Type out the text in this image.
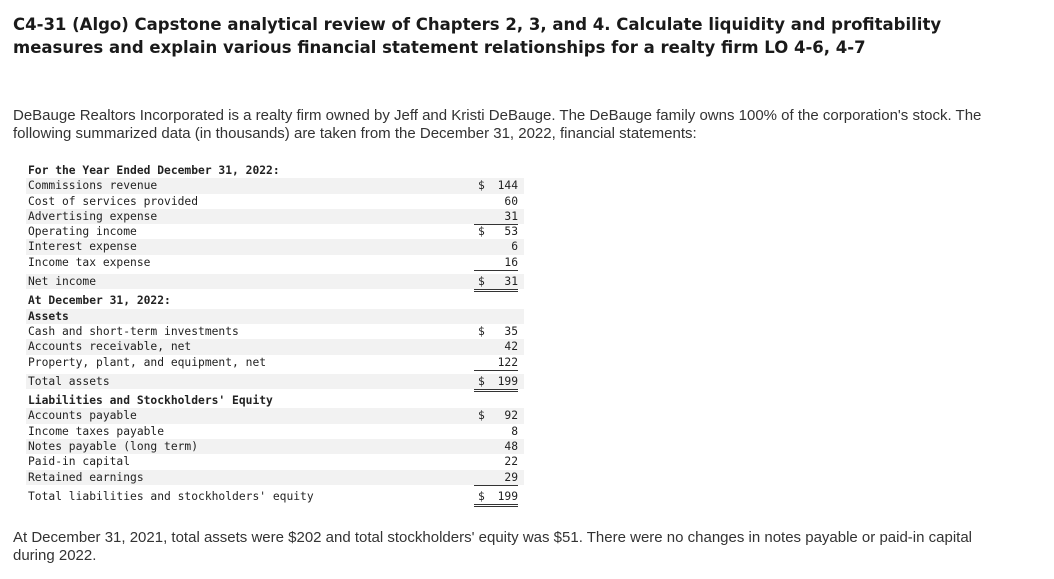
C4-31 (Algo) Capstone analytical review of Chapters 2, 3, and 4. Calculate liquidity and profitability measures and explain various financial statement relationships for a realty firm LO 4-6, 4-7

DeBauge Realtors Incorporated is a realty firm owned by Jeff and Kristi DeBauge. The DeBauge family owns 100% of the corporation's stock. The following summarized data (in thousands) are taken from the December 31, 2022, financial statements:

For the Year Ended December 31, 2022:
Commissions revenue	$ 144
Cost of services provided	60
Advertising expense	31
Operating income	$ 53
Interest expense	6
Income tax expense	16
Net income	$ 31
At December 31, 2022:
Assets
Cash and short-term investments	$ 35
Accounts receivable, net	42
Property, plant, and equipment, net	122
Total assets	$ 199
Liabilities and Stockholders' Equity
Accounts payable	$ 92
Income taxes payable	8
Notes payable (long term)	48
Paid-in capital	22
Retained earnings	29
Total liabilities and stockholders' equity	$ 199

At December 31, 2021, total assets were $202 and total stockholders' equity was $51. There were no changes in notes payable or paid-in capital during 2022.
